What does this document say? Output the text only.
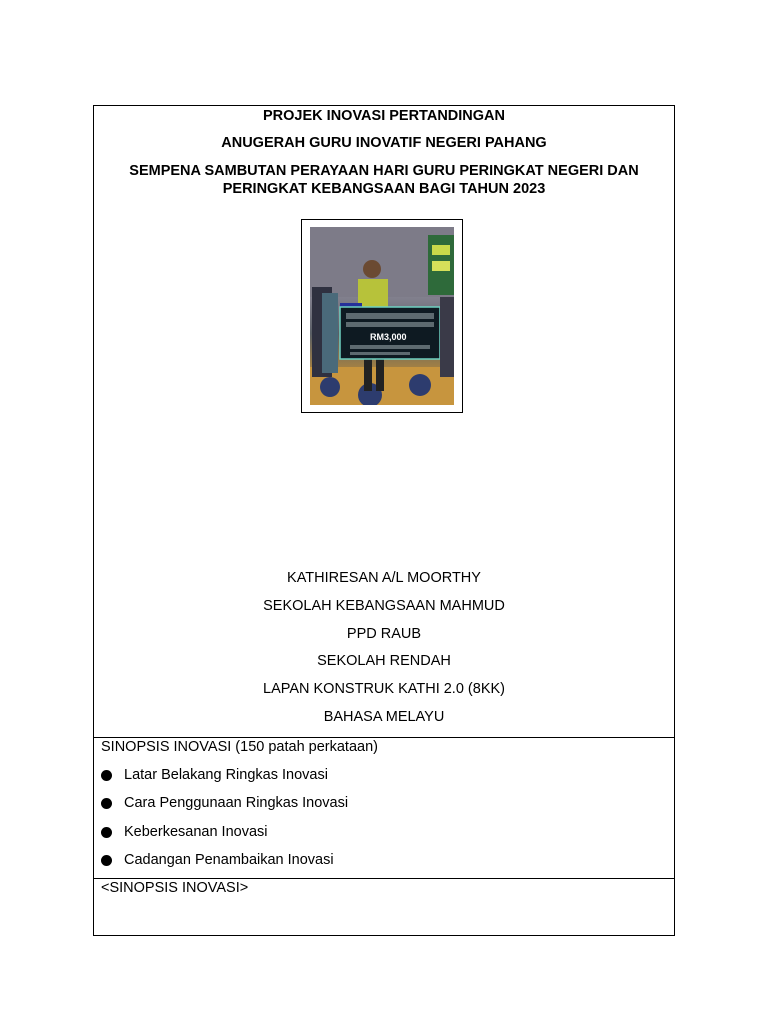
PROJEK INOVASI PERTANDINGAN
ANUGERAH GURU INOVATIF NEGERI PAHANG
SEMPENA SAMBUTAN PERAYAAN HARI GURU PERINGKAT NEGERI DAN PERINGKAT KEBANGSAAN BAGI TAHUN 2023
RM3,000
KATHIRESAN A/L MOORTHY
SEKOLAH KEBANGSAAN MAHMUD
PPD RAUB
SEKOLAH RENDAH
LAPAN KONSTRUK KATHI 2.0 (8KK)
BAHASA MELAYU
SINOPSIS INOVASI (150 patah perkataan)
Latar Belakang Ringkas Inovasi
Cara Penggunaan Ringkas Inovasi
Keberkesanan Inovasi
Cadangan Penambaikan Inovasi
<SINOPSIS INOVASI>
